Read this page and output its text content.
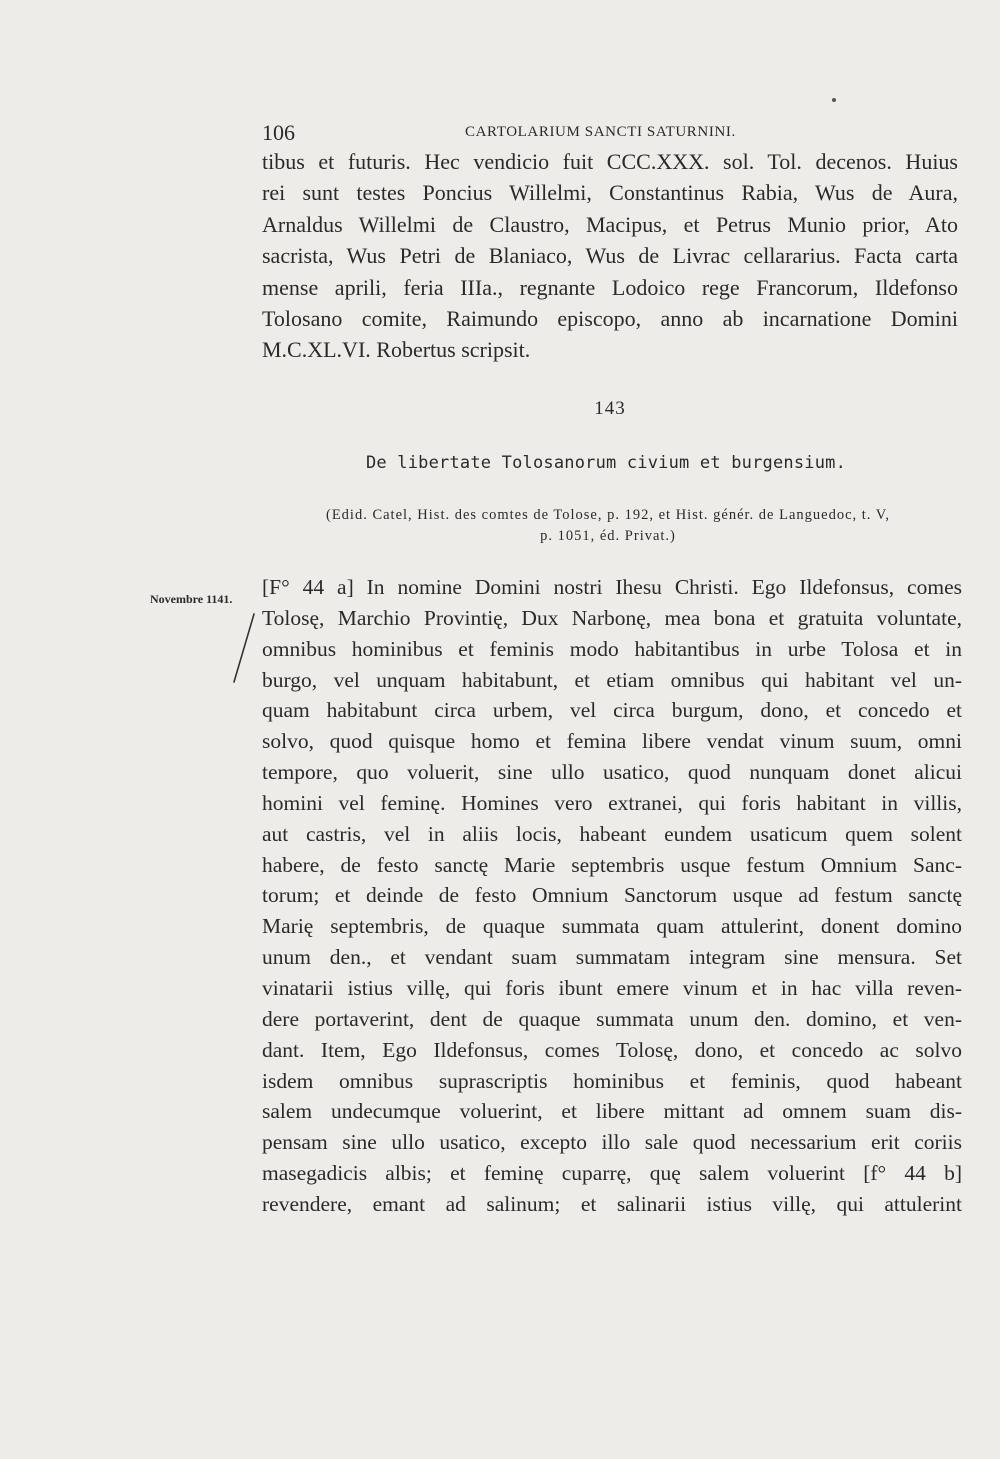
106	CARTOLARIUM SANCTI SATURNINI.
tibus et futuris. Hec vendicio fuit CCC.XXX. sol. Tol. decenos. Huius
rei sunt testes Poncius Willelmi, Constantinus Rabia, Wus de Aura,
Arnaldus Willelmi de Claustro, Macipus, et Petrus Munio prior, Ato
sacrista, Wus Petri de Blaniaco, Wus de Livrac cellararius. Facta carta
mense aprili, feria IIIa., regnante Lodoico rege Francorum, Ildefonso
Tolosano comite, Raimundo episcopo, anno ab incarnatione Domini
M.C.XL.VI. Robertus scripsit.
143
De libertate Tolosanorum civium et burgensium.
(Edid. Catel, Hist. des comtes de Tolose, p. 192, et Hist. génér. de Languedoc, t. V,
p. 1051, éd. Privat.)
Novembre 1141. [F° 44 a] In nomine Domini nostri Ihesu Christi. Ego Ildefonsus, comes
Tolosę, Marchio Provintię, Dux Narbonę, mea bona et gratuita voluntate,
omnibus hominibus et feminis modo habitantibus in urbe Tolosa et in
burgo, vel unquam habitabunt, et etiam omnibus qui habitant vel un-
quam habitabunt circa urbem, vel circa burgum, dono, et concedo et
solvo, quod quisque homo et femina libere vendat vinum suum, omni
tempore, quo voluerit, sine ullo usatico, quod nunquam donet alicui
homini vel feminę. Homines vero extranei, qui foris habitant in villis,
aut castris, vel in aliis locis, habeant eundem usaticum quem solent
habere, de festo sanctę Marie septembris usque festum Omnium Sanc-
torum; et deinde de festo Omnium Sanctorum usque ad festum sanctę
Marię septembris, de quaque summata quam attulerint, donent domino
unum den., et vendant suam summatam integram sine mensura. Set
vinatarii istius villę, qui foris ibunt emere vinum et in hac villa reven-
dere portaverint, dent de quaque summata unum den. domino, et ven-
dant. Item, Ego Ildefonsus, comes Tolosę, dono, et concedo ac solvo
isdem omnibus suprascriptis hominibus et feminis, quod habeant
salem undecumque voluerint, et libere mittant ad omnem suam dis-
pensam sine ullo usatico, excepto illo sale quod necessarium erit coriis
masegadicis albis; et feminę cuparrę, quę salem voluerint [f° 44 b]
revendere, emant ad salinum; et salinarii istius villę, qui attulerint
